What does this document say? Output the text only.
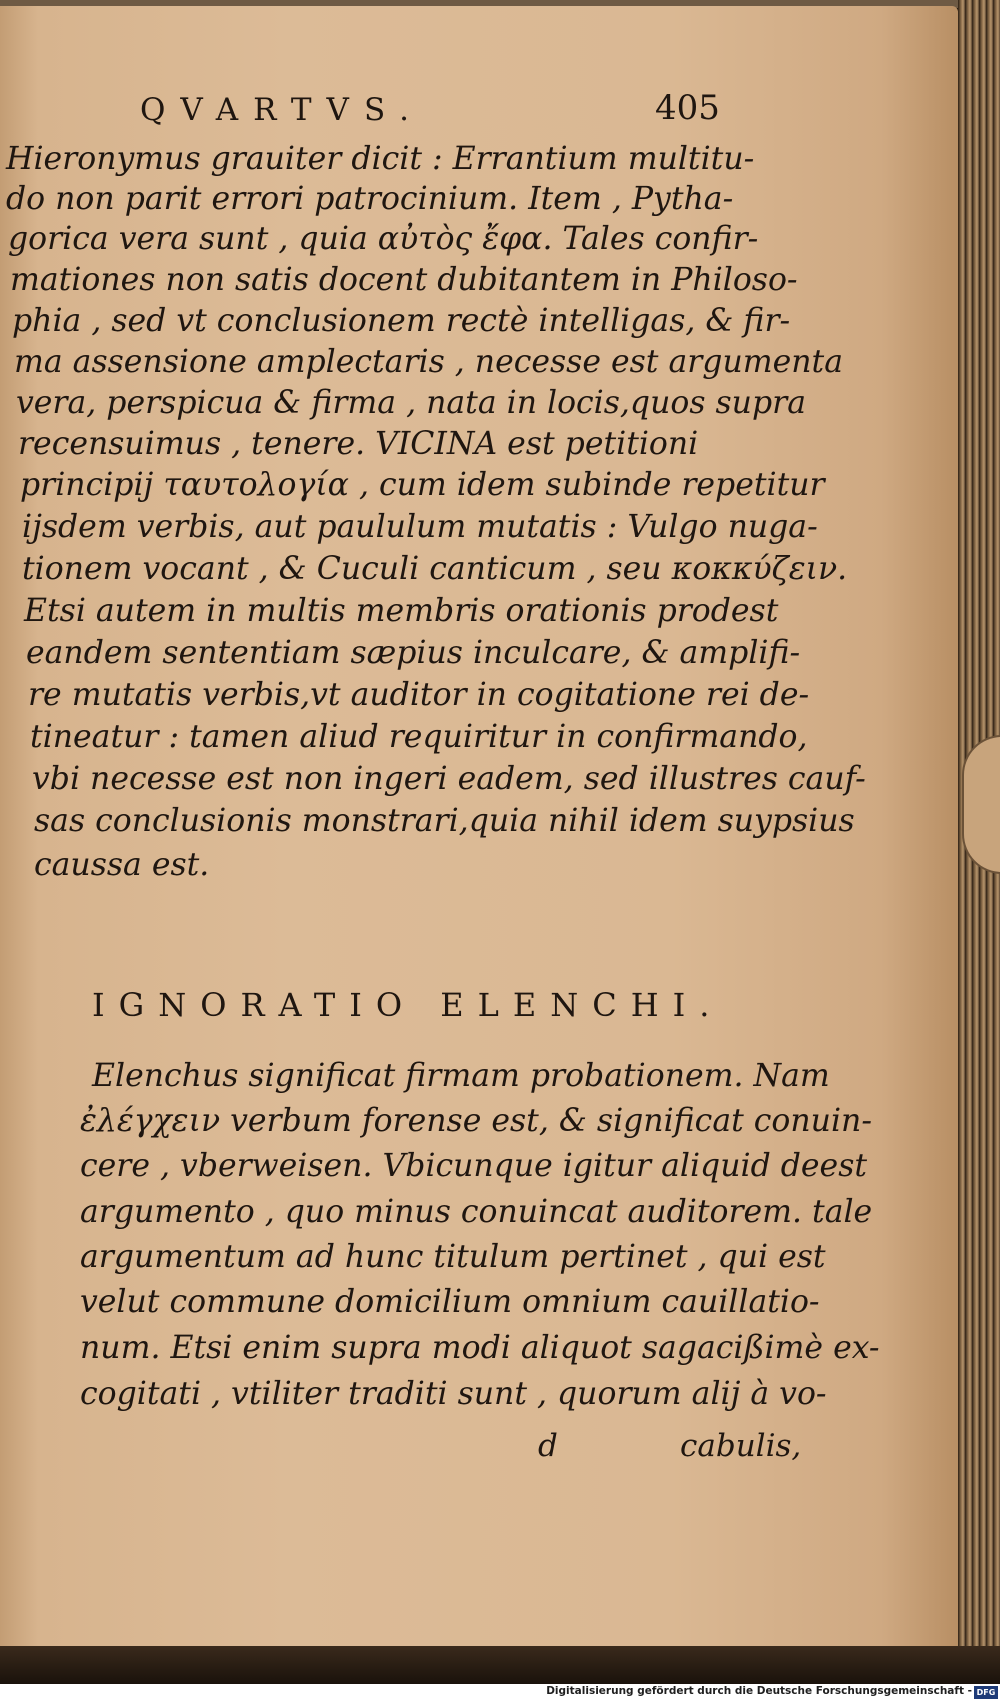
QVARTVS.	405
Hieronymus grauiter dicit : Errantium multitu-
do non parit errori patrocinium. Item , Pytha-
gorica vera sunt , quia αὐτὸς ἔφα. Tales confir-
mationes non satis docent dubitantem in Philoso-
phia , sed vt conclusionem rectè intelligas, & fir-
ma assensione amplectaris , necesse est argumenta
vera, perspicua & firma , nata in locis,quos supra
recensuimus , tenere. VICINA est petitioni
principij ταυτολογία , cum idem subinde repetitur
ijsdem verbis, aut paululum mutatis : Vulgo nuga-
tionem vocant , & Cuculi canticum , seu κοκκύζειν.
Etsi autem in multis membris orationis prodest
eandem sententiam sæpius inculcare, & amplifi-
re mutatis verbis,vt auditor in cogitatione rei de-
tineatur : tamen aliud requiritur in confirmando,
vbi necesse est non ingeri eadem, sed illustres cauf-
sas conclusionis monstrari,quia nihil idem suypsius
caussa est.
IGNORATIO ELENCHI.
Elenchus significat firmam probationem. Nam
ἐλέγχειν verbum forense est, & significat conuin-
cere , vberweisen. Vbicunque igitur aliquid deest
argumento , quo minus conuincat auditorem. tale
argumentum ad hunc titulum pertinet , qui est
velut commune domicilium omnium cauillatio-
num. Etsi enim supra modi aliquot sagacißimè ex-
cogitati , vtiliter traditi sunt , quorum alij à vo-
d	cabulis,
Digitalisierung gefördert durch die Deutsche Forschungsgemeinschaft - DFG
